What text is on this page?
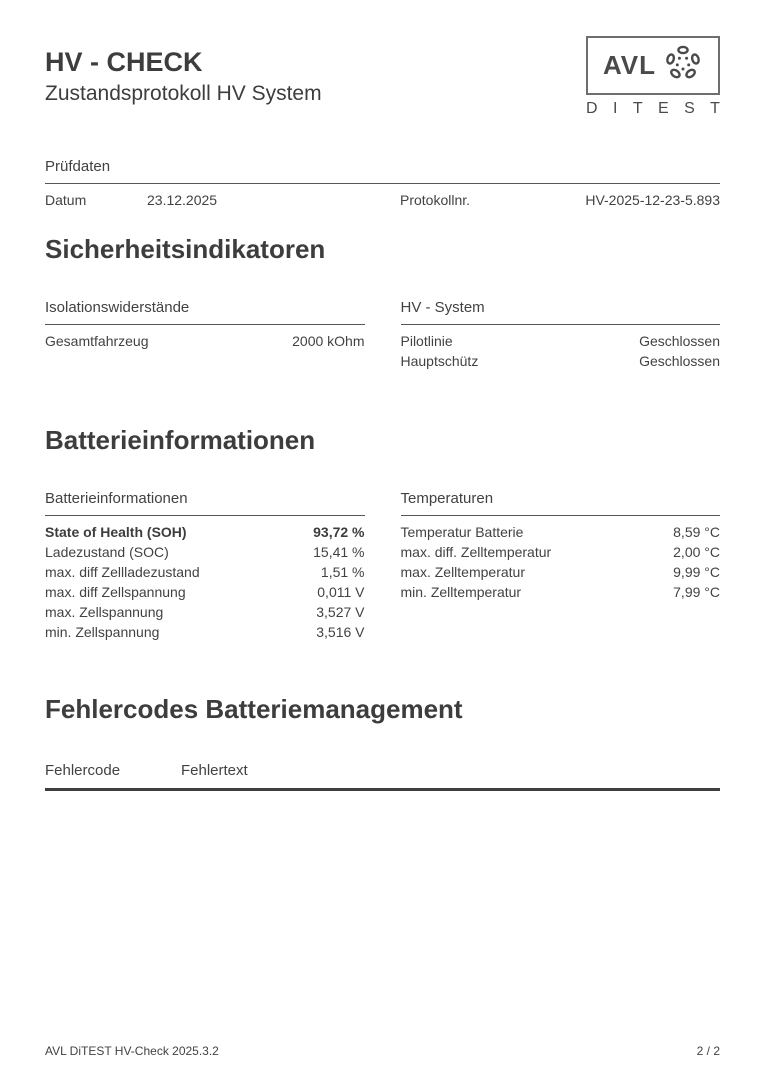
HV - CHECK
Zustandsprotokoll HV System
AVL
D I T E S T
Prüfdaten
Datum	23.12.2025	Protokollnr.	HV-2025-12-23-5.893
Sicherheitsindikatoren
Isolationswiderstände
Gesamtfahrzeug	2000 kOhm
HV - System
Pilotlinie	Geschlossen
Hauptschütz	Geschlossen
Batterieinformationen
Batterieinformationen
State of Health (SOH)	93,72 %
Ladezustand (SOC)	15,41 %
max. diff Zellladezustand	1,51 %
max. diff Zellspannung	0,011 V
max. Zellspannung	3,527 V
min. Zellspannung	3,516 V
Temperaturen
Temperatur Batterie	8,59 °C
max. diff. Zelltemperatur	2,00 °C
max. Zelltemperatur	9,99 °C
min. Zelltemperatur	7,99 °C
Fehlercodes Batteriemanagement
Fehlercode	Fehlertext
AVL DiTEST HV-Check 2025.3.2	2 / 2
